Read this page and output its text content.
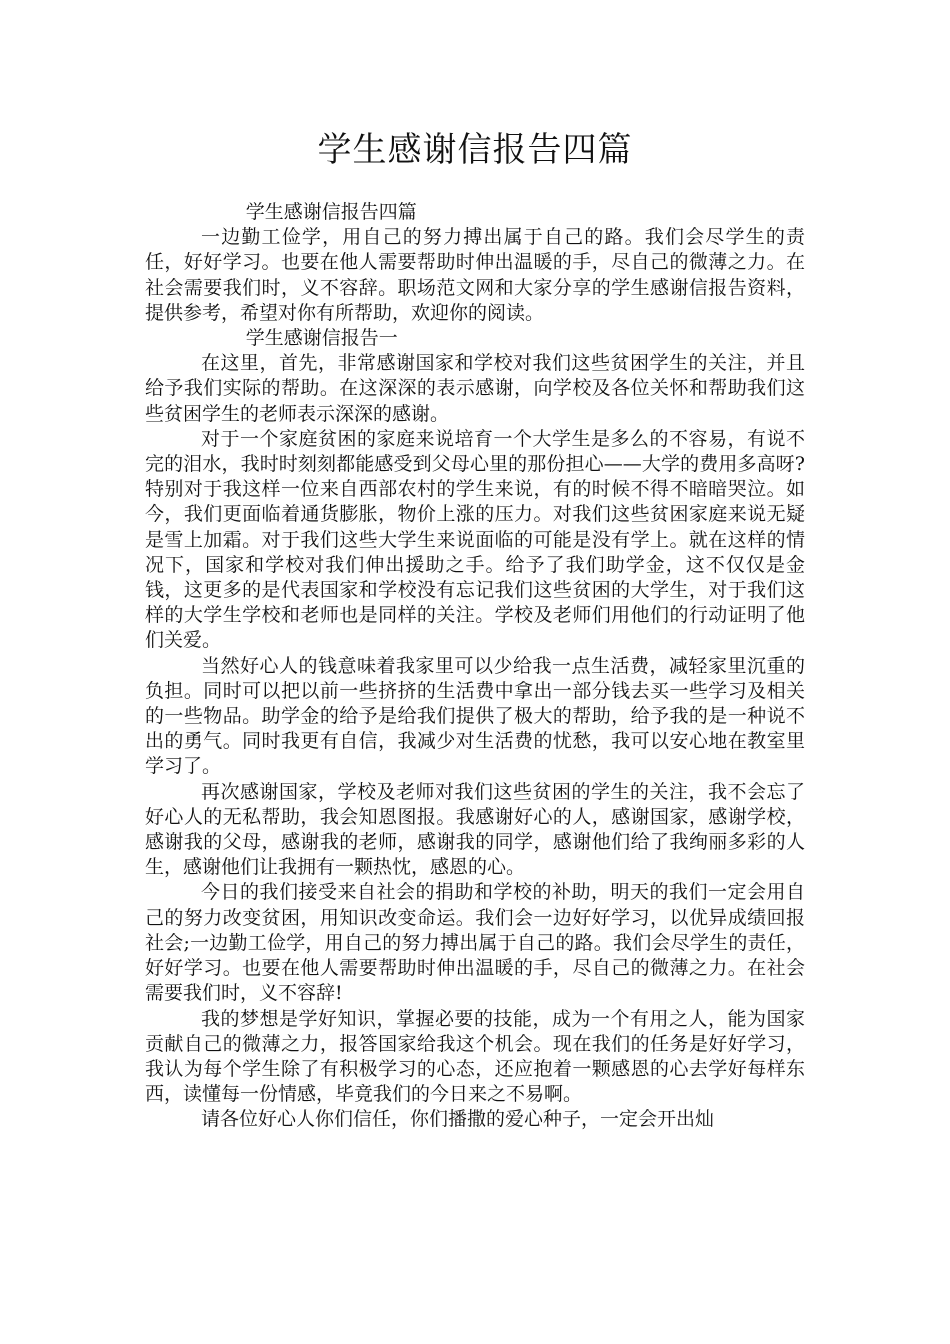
学生感谢信报告四篇

学生感谢信报告四篇

一边勤工俭学，用自己的努力搏出属于自己的路。我们会尽学生的责任，好好学习。也要在他人需要帮助时伸出温暖的手，尽自己的微薄之力。在社会需要我们时，义不容辞。职场范文网和大家分享的学生感谢信报告资料，提供参考，希望对你有所帮助，欢迎你的阅读。

学生感谢信报告一

在这里，首先，非常感谢国家和学校对我们这些贫困学生的关注，并且给予我们实际的帮助。在这深深的表示感谢，向学校及各位关怀和帮助我们这些贫困学生的老师表示深深的感谢。

对于一个家庭贫困的家庭来说培育一个大学生是多么的不容易，有说不完的泪水，我时时刻刻都能感受到父母心里的那份担心——大学的费用多高呀?特别对于我这样一位来自西部农村的学生来说，有的时候不得不暗暗哭泣。如今，我们更面临着通货膨胀，物价上涨的压力。对我们这些贫困家庭来说无疑是雪上加霜。对于我们这些大学生来说面临的可能是没有学上。就在这样的情况下，国家和学校对我们伸出援助之手。给予了我们助学金，这不仅仅是金钱，这更多的是代表国家和学校没有忘记我们这些贫困的大学生，对于我们这样的大学生学校和老师也是同样的关注。学校及老师们用他们的行动证明了他们关爱。

当然好心人的钱意味着我家里可以少给我一点生活费，减轻家里沉重的负担。同时可以把以前一些挤挤的生活费中拿出一部分钱去买一些学习及相关的一些物品。助学金的给予是给我们提供了极大的帮助，给予我的是一种说不出的勇气。同时我更有自信，我减少对生活费的忧愁，我可以安心地在教室里学习了。

再次感谢国家，学校及老师对我们这些贫困的学生的关注，我不会忘了好心人的无私帮助，我会知恩图报。我感谢好心的人，感谢国家，感谢学校，感谢我的父母，感谢我的老师，感谢我的同学，感谢他们给了我绚丽多彩的人生，感谢他们让我拥有一颗热忱，感恩的心。

今日的我们接受来自社会的捐助和学校的补助，明天的我们一定会用自己的努力改变贫困，用知识改变命运。我们会一边好好学习，以优异成绩回报社会;一边勤工俭学，用自己的努力搏出属于自己的路。我们会尽学生的责任，好好学习。也要在他人需要帮助时伸出温暖的手，尽自己的微薄之力。在社会需要我们时，义不容辞!

我的梦想是学好知识，掌握必要的技能，成为一个有用之人，能为国家贡献自己的微薄之力，报答国家给我这个机会。现在我们的任务是好好学习，我认为每个学生除了有积极学习的心态，还应抱着一颗感恩的心去学好每样东西，读懂每一份情感，毕竟我们的今日来之不易啊。

请各位好心人你们信任，你们播撒的爱心种子，一定会开出灿
